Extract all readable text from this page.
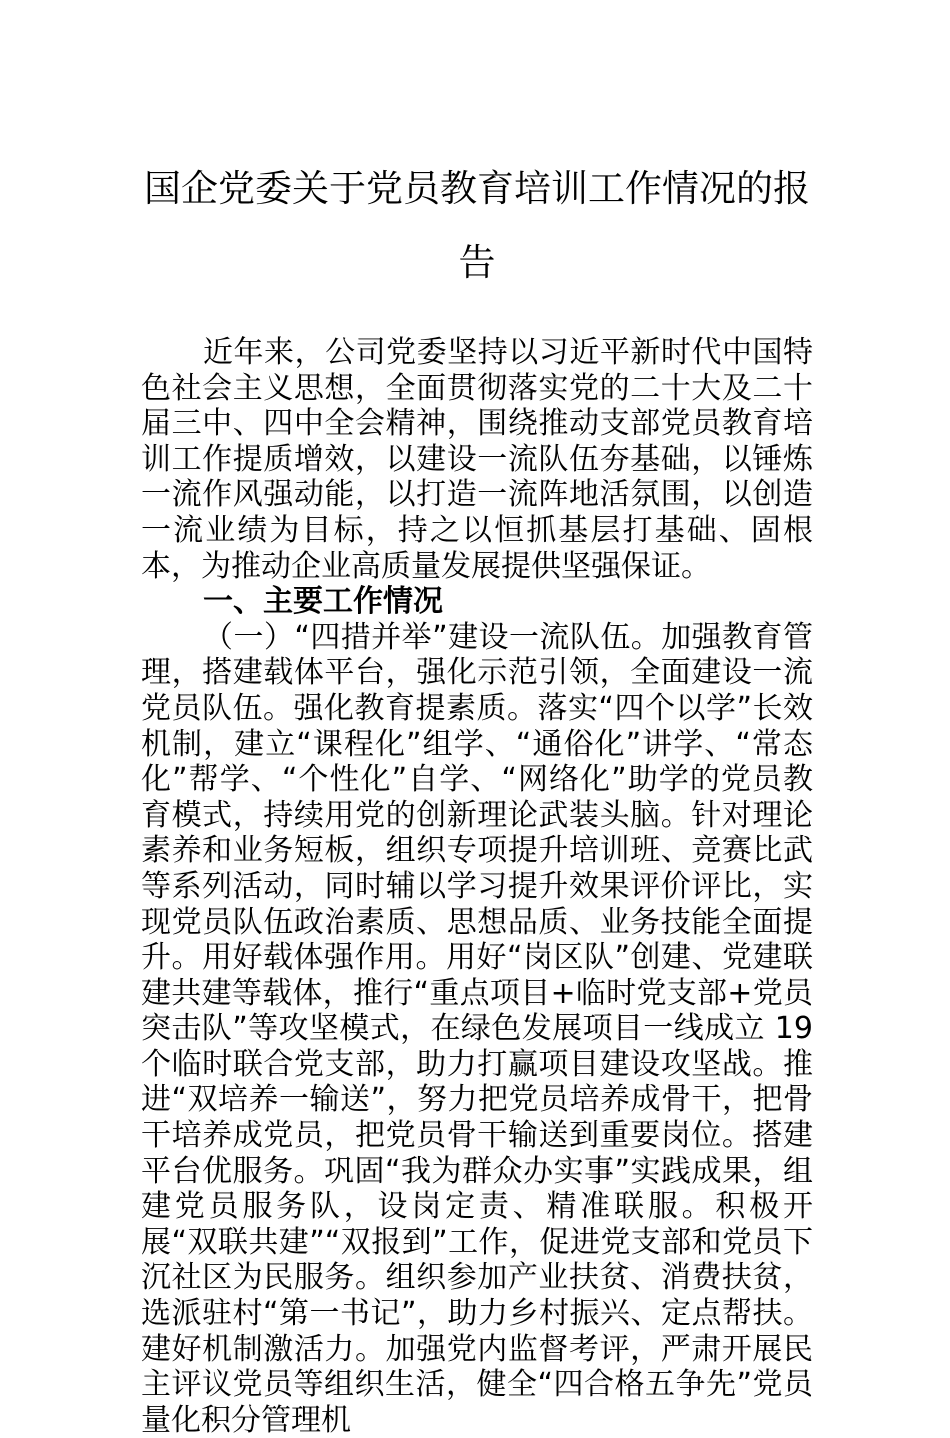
国企党委关于党员教育培训工作情况的报告

近年来，公司党委坚持以习近平新时代中国特色社会主义思想，全面贯彻落实党的二十大及二十届三中、四中全会精神，围绕推动支部党员教育培训工作提质增效，以建设一流队伍夯基础，以锤炼一流作风强动能，以打造一流阵地活氛围，以创造一流业绩为目标，持之以恒抓基层打基础、固根本，为推动企业高质量发展提供坚强保证。

一、主要工作情况

（一）“四措并举”建设一流队伍。加强教育管理，搭建载体平台，强化示范引领，全面建设一流党员队伍。强化教育提素质。落实“四个以学”长效机制，建立“课程化”组学、“通俗化”讲学、“常态化”帮学、“个性化”自学、“网络化”助学的党员教育模式，持续用党的创新理论武装头脑。针对理论素养和业务短板，组织专项提升培训班、竞赛比武等系列活动，同时辅以学习提升效果评价评比，实现党员队伍政治素质、思想品质、业务技能全面提升。用好载体强作用。用好“岗区队”创建、党建联建共建等载体，推行“重点项目+临时党支部+党员突击队”等攻坚模式，在绿色发展项目一线成立 19 个临时联合党支部，助力打赢项目建设攻坚战。推进“双培养一输送”，努力把党员培养成骨干，把骨干培养成党员，把党员骨干输送到重要岗位。搭建平台优服务。巩固“我为群众办实事”实践成果，组建党员服务队，设岗定责、精准联服。积极开展“双联共建”“双报到”工作，促进党支部和党员下沉社区为民服务。组织参加产业扶贫、消费扶贫，选派驻村“第一书记”，助力乡村振兴、定点帮扶。建好机制激活力。加强党内监督考评，严肃开展民主评议党员等组织生活，健全“四合格五争先”党员量化积分管理机
